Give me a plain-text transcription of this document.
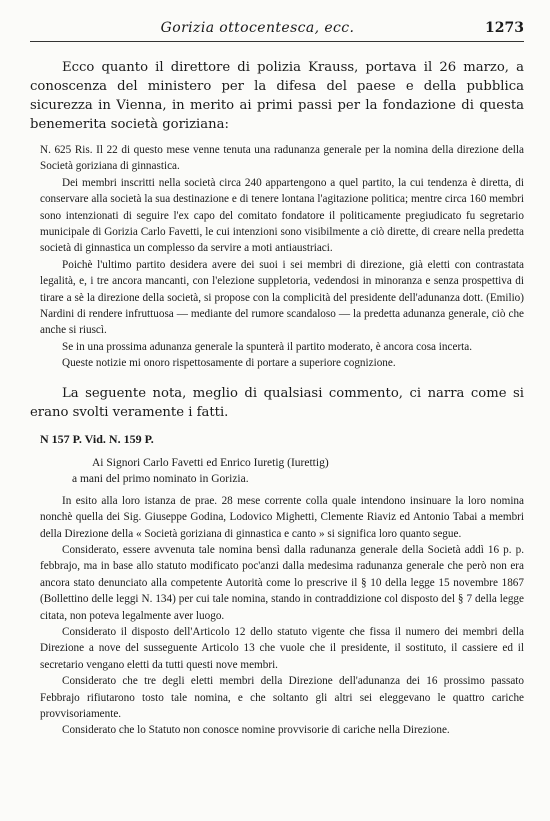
Gorizia ottocentesca, ecc.	1273

Ecco quanto il direttore di polizia Krauss, portava il 26 marzo, a conoscenza del ministero per la difesa del paese e della pubblica sicurezza in Vienna, in merito ai primi passi per la fondazione di questa benemerita società goriziana:

N. 625 Ris. Il 22 di questo mese venne tenuta una radunanza generale per la nomina della direzione della Società goriziana di ginnastica.

Dei membri inscritti nella società circa 240 appartengono a quel partito, la cui tendenza è diretta, di conservare alla società la sua destinazione e di tenere lontana l'agitazione politica; mentre circa 160 membri sono intenzionati di seguire l'ex capo del comitato fondatore il politicamente pregiudicato fu segretario municipale di Gorizia Carlo Favetti, le cui intenzioni sono visibilmente a ciò dirette, di creare nella predetta società di ginnastica un complesso da servire a moti antiaustriaci.

Poichè l'ultimo partito desidera avere dei suoi i sei membri di direzione, già eletti con contrastata legalità, e, i tre ancora mancanti, con l'elezione suppletoria, vedendosi in minoranza e senza prospettiva di tirare a sè la direzione della società, si propose con la complicità del presidente dell'adunanza dott. (Emilio) Nardini di rendere infruttuosa — mediante del rumore scandaloso — la predetta adunanza generale, ciò che anche si riuscì.

Se in una prossima adunanza generale la spunterà il partito moderato, è ancora cosa incerta.

Queste notizie mi onoro rispettosamente di portare a superiore cognizione.

La seguente nota, meglio di qualsiasi commento, ci narra come si erano svolti veramente i fatti.

N 157 P. Vid. N. 159 P.

Ai Signori Carlo Favetti ed Enrico Iuretig (Iurettig)

a mani del primo nominato in Gorizia.

In esito alla loro istanza de prae. 28 mese corrente colla quale intendono insinuare la loro nomina nonchè quella dei Sig. Giuseppe Godina, Lodovico Mighetti, Clemente Riaviz ed Antonio Tabai a membri della Direzione della « Società goriziana di ginnastica e canto » si significa loro quanto segue.

Considerato, essere avvenuta tale nomina bensì dalla radunanza generale della Società addì 16 p. p. febbrajo, ma in base allo statuto modificato poc'anzi dalla medesima radunanza generale che però non era ancora stato denunciato alla competente Autorità come lo prescrive il § 10 della legge 15 novembre 1867 (Bollettino delle leggi N. 134) per cui tale nomina, stando in contraddizione col disposto del § 7 della legge citata, non poteva legalmente aver luogo.

Considerato il disposto dell'Articolo 12 dello statuto vigente che fissa il numero dei membri della Direzione a nove del susseguente Articolo 13 che vuole che il presidente, il sostituto, il cassiere ed il secretario vengano eletti da tutti questi nove membri.

Considerato che tre degli eletti membri della Direzione dell'adunanza dei 16 prossimo passato Febbrajo rifiutarono tosto tale nomina, e che soltanto gli altri sei eleggevano le quattro cariche provvisoriamente.

Considerato che lo Statuto non conosce nomine provvisorie di cariche nella Direzione.
